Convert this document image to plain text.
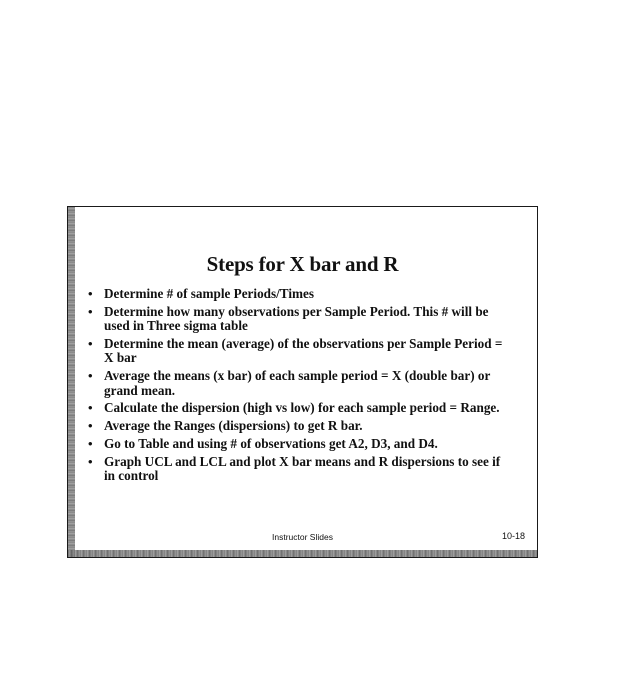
Steps for X bar and R
• Determine # of sample Periods/Times
• Determine how many observations per Sample Period. This # will be used in Three sigma table
• Determine the mean (average) of the observations per Sample Period = X bar
• Average the means (x bar) of each sample period = X (double bar) or grand mean.
• Calculate the dispersion (high vs low) for each sample period = Range.
• Average the Ranges (dispersions) to get R bar.
• Go to Table and using # of observations get A2, D3, and D4.
• Graph UCL and LCL and plot X bar means and R dispersions to see if in control
Instructor Slides	10-18
